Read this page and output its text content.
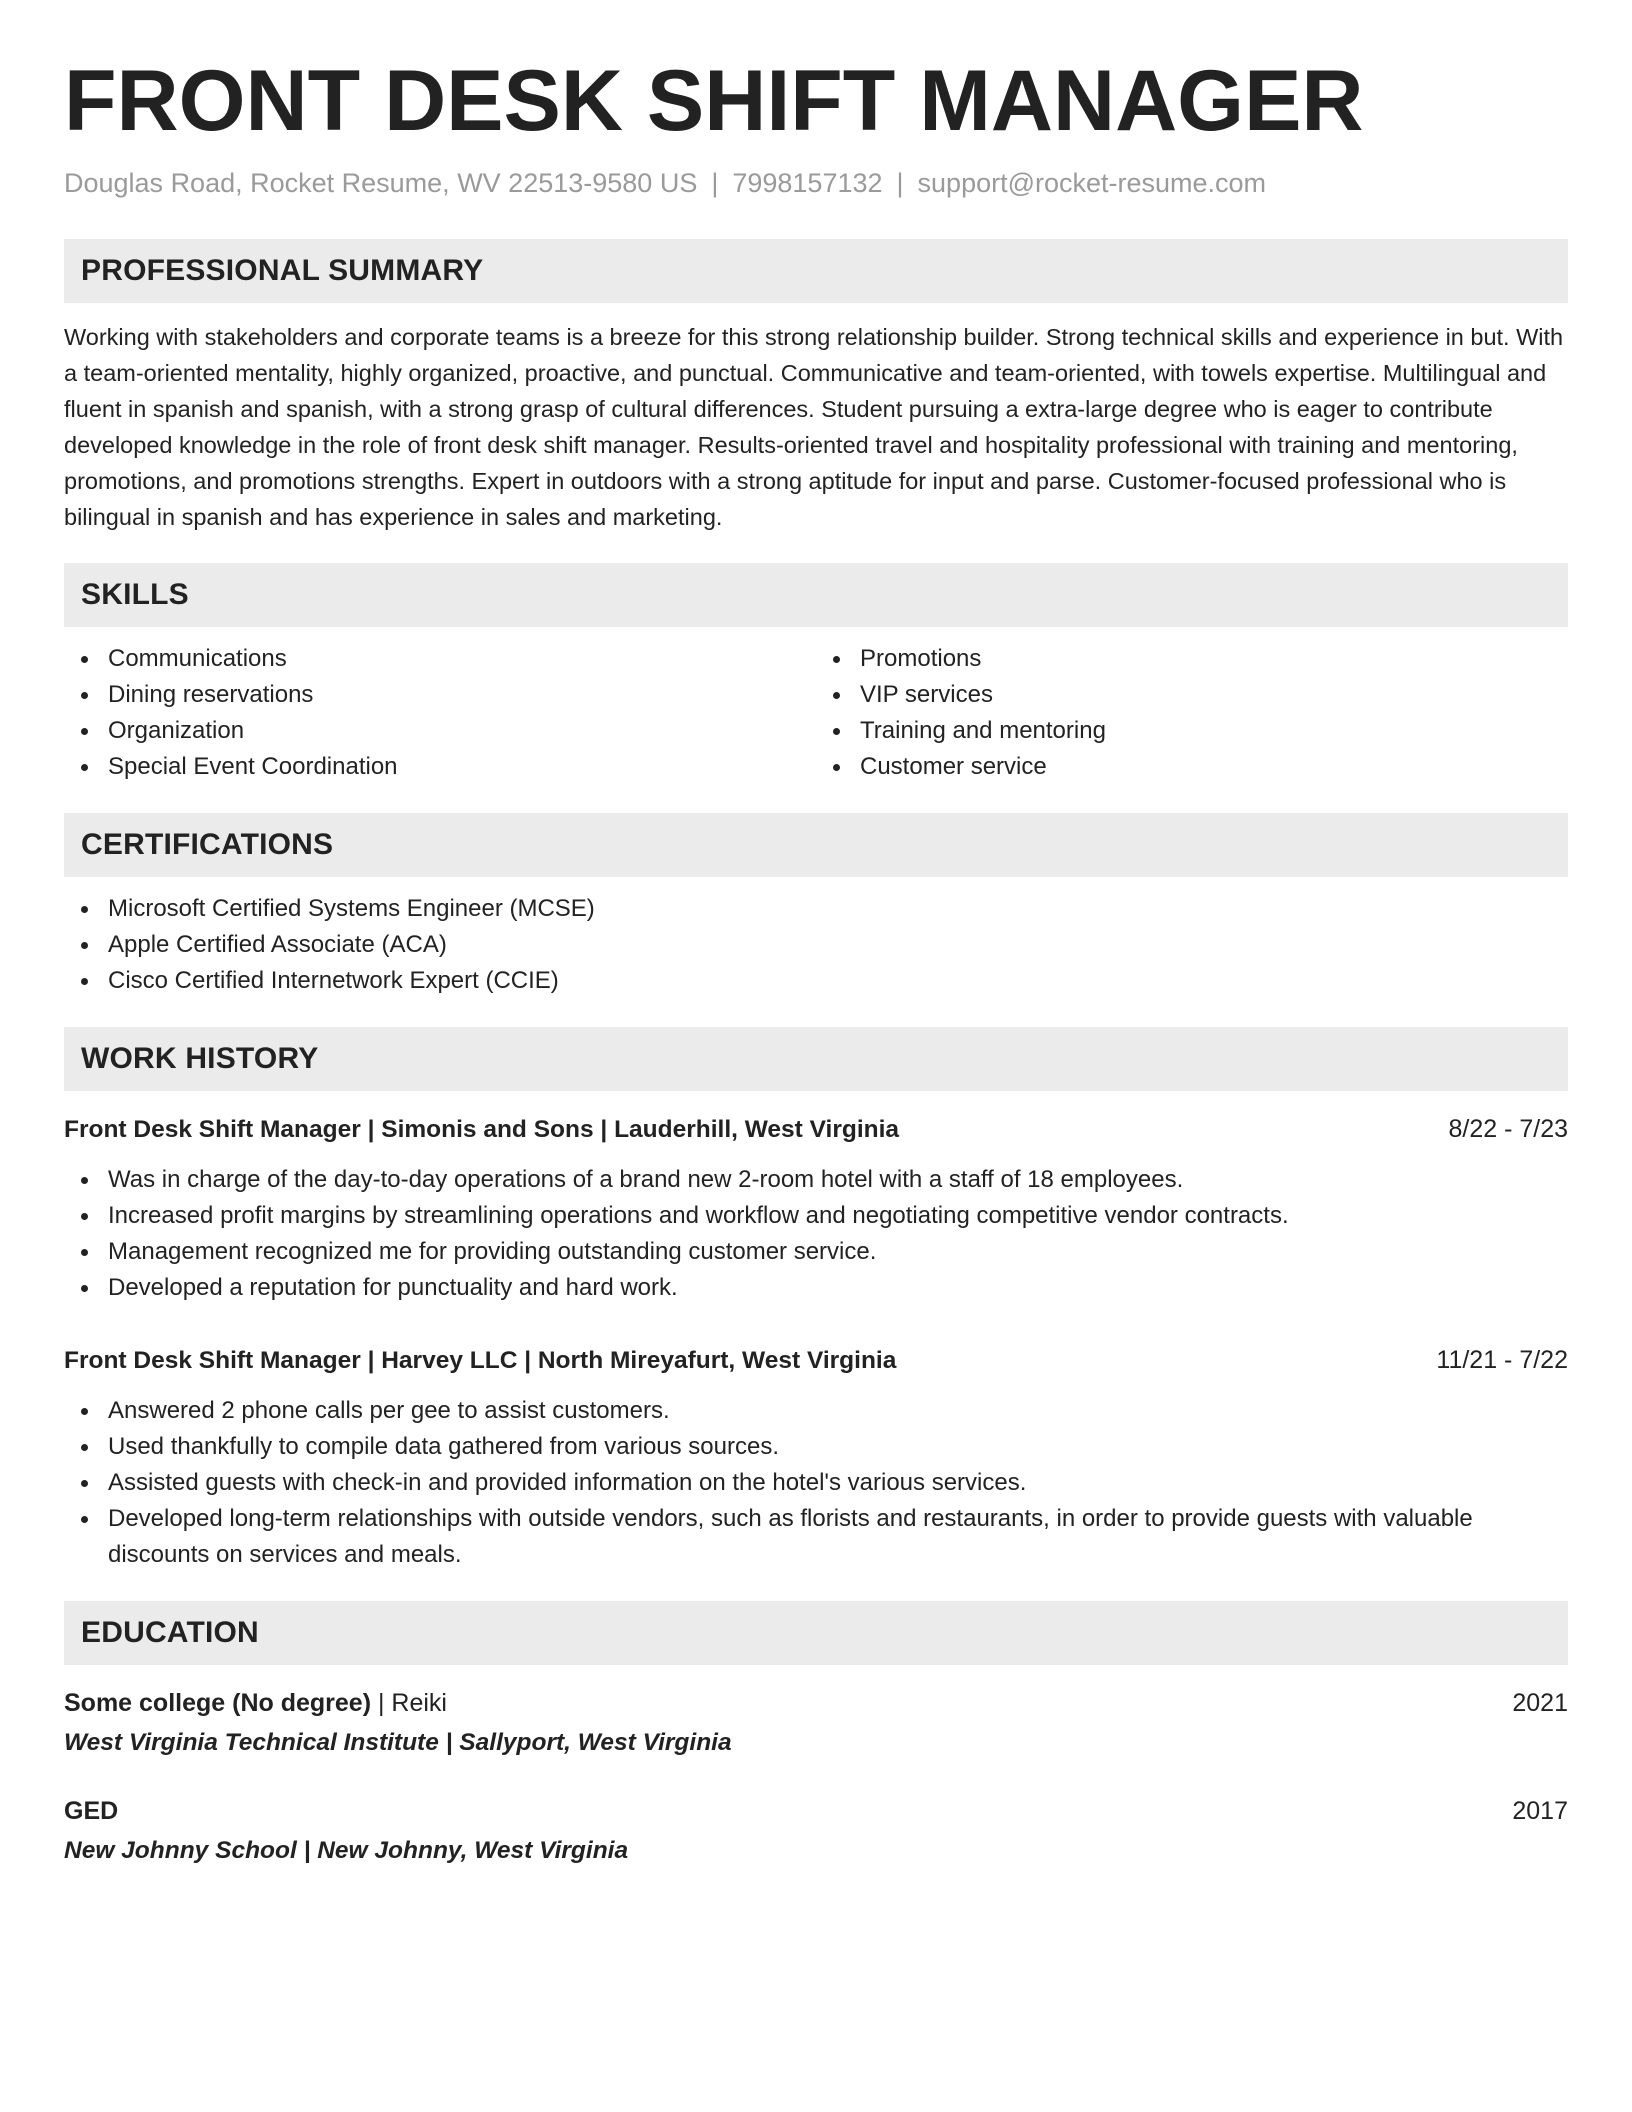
FRONT DESK SHIFT MANAGER
Douglas Road, Rocket Resume, WV 22513-9580 US | 7998157132 | support@rocket-resume.com
PROFESSIONAL SUMMARY
Working with stakeholders and corporate teams is a breeze for this strong relationship builder. Strong technical skills and experience in but. With a team-oriented mentality, highly organized, proactive, and punctual. Communicative and team-oriented, with towels expertise. Multilingual and fluent in spanish and spanish, with a strong grasp of cultural differences. Student pursuing a extra-large degree who is eager to contribute developed knowledge in the role of front desk shift manager. Results-oriented travel and hospitality professional with training and mentoring, promotions, and promotions strengths. Expert in outdoors with a strong aptitude for input and parse. Customer-focused professional who is bilingual in spanish and has experience in sales and marketing.
SKILLS
Communications
Dining reservations
Organization
Special Event Coordination
Promotions
VIP services
Training and mentoring
Customer service
CERTIFICATIONS
Microsoft Certified Systems Engineer (MCSE)
Apple Certified Associate (ACA)
Cisco Certified Internetwork Expert (CCIE)
WORK HISTORY
Front Desk Shift Manager | Simonis and Sons | Lauderhill, West Virginia	8/22 - 7/23
Was in charge of the day-to-day operations of a brand new 2-room hotel with a staff of 18 employees.
Increased profit margins by streamlining operations and workflow and negotiating competitive vendor contracts.
Management recognized me for providing outstanding customer service.
Developed a reputation for punctuality and hard work.
Front Desk Shift Manager | Harvey LLC | North Mireyafurt, West Virginia	11/21 - 7/22
Answered 2 phone calls per gee to assist customers.
Used thankfully to compile data gathered from various sources.
Assisted guests with check-in and provided information on the hotel's various services.
Developed long-term relationships with outside vendors, such as florists and restaurants, in order to provide guests with valuable discounts on services and meals.
EDUCATION
Some college (No degree) | Reiki	2021
West Virginia Technical Institute | Sallyport, West Virginia
GED	2017
New Johnny School | New Johnny, West Virginia
